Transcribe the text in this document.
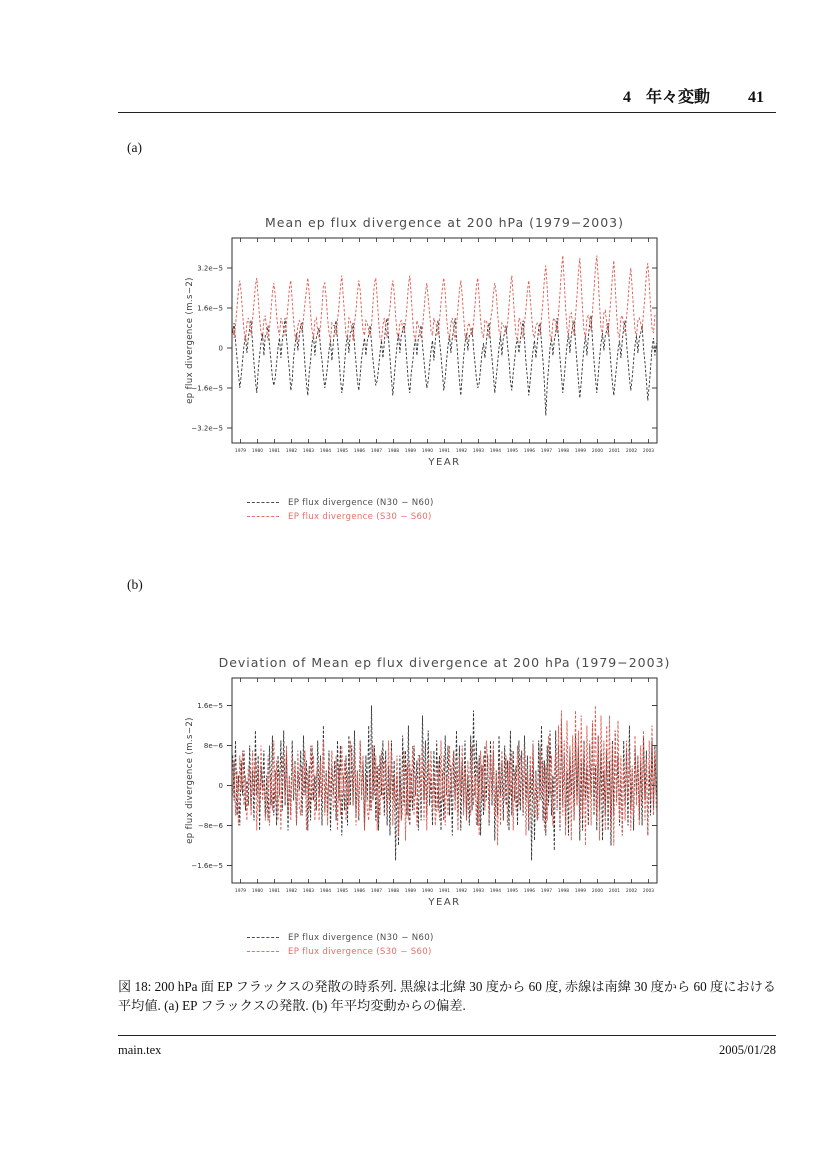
4 年々変動 41
(a)
Mean ep flux divergence at 200 hPa (1979−2003)
1979 1980 1981 1982 1983 1984 1985 1986 1987 1988 1989 1990 1991 1992 1993 1994 1995 1996 1997 1998 1999 2000 2001 2002 2003
3.2e−5
1.6e−5
0
−1.6e−5
−3.2e−5
YEAR
ep flux divergence (m.s−2)
EP flux divergence (N30 − N60)
EP flux divergence (S30 − S60)
(b)
Deviation of Mean ep flux divergence at 200 hPa (1979−2003)
1979 1980 1981 1982 1983 1984 1985 1986 1987 1988 1989 1990 1991 1992 1993 1994 1995 1996 1997 1998 1999 2000 2001 2002 2003
1.6e−5
8e−6
0
−8e−6
−1.6e−5
YEAR
ep flux divergence (m.s−2)
EP flux divergence (N30 − N60)
EP flux divergence (S30 − S60)
図 18: 200 hPa 面 EP フラックスの発散の時系列. 黒線は北緯 30 度から 60 度, 赤線は南緯 30 度から 60 度における平均値. (a) EP フラックスの発散. (b) 年平均変動からの偏差.
main.tex	2005/01/28
